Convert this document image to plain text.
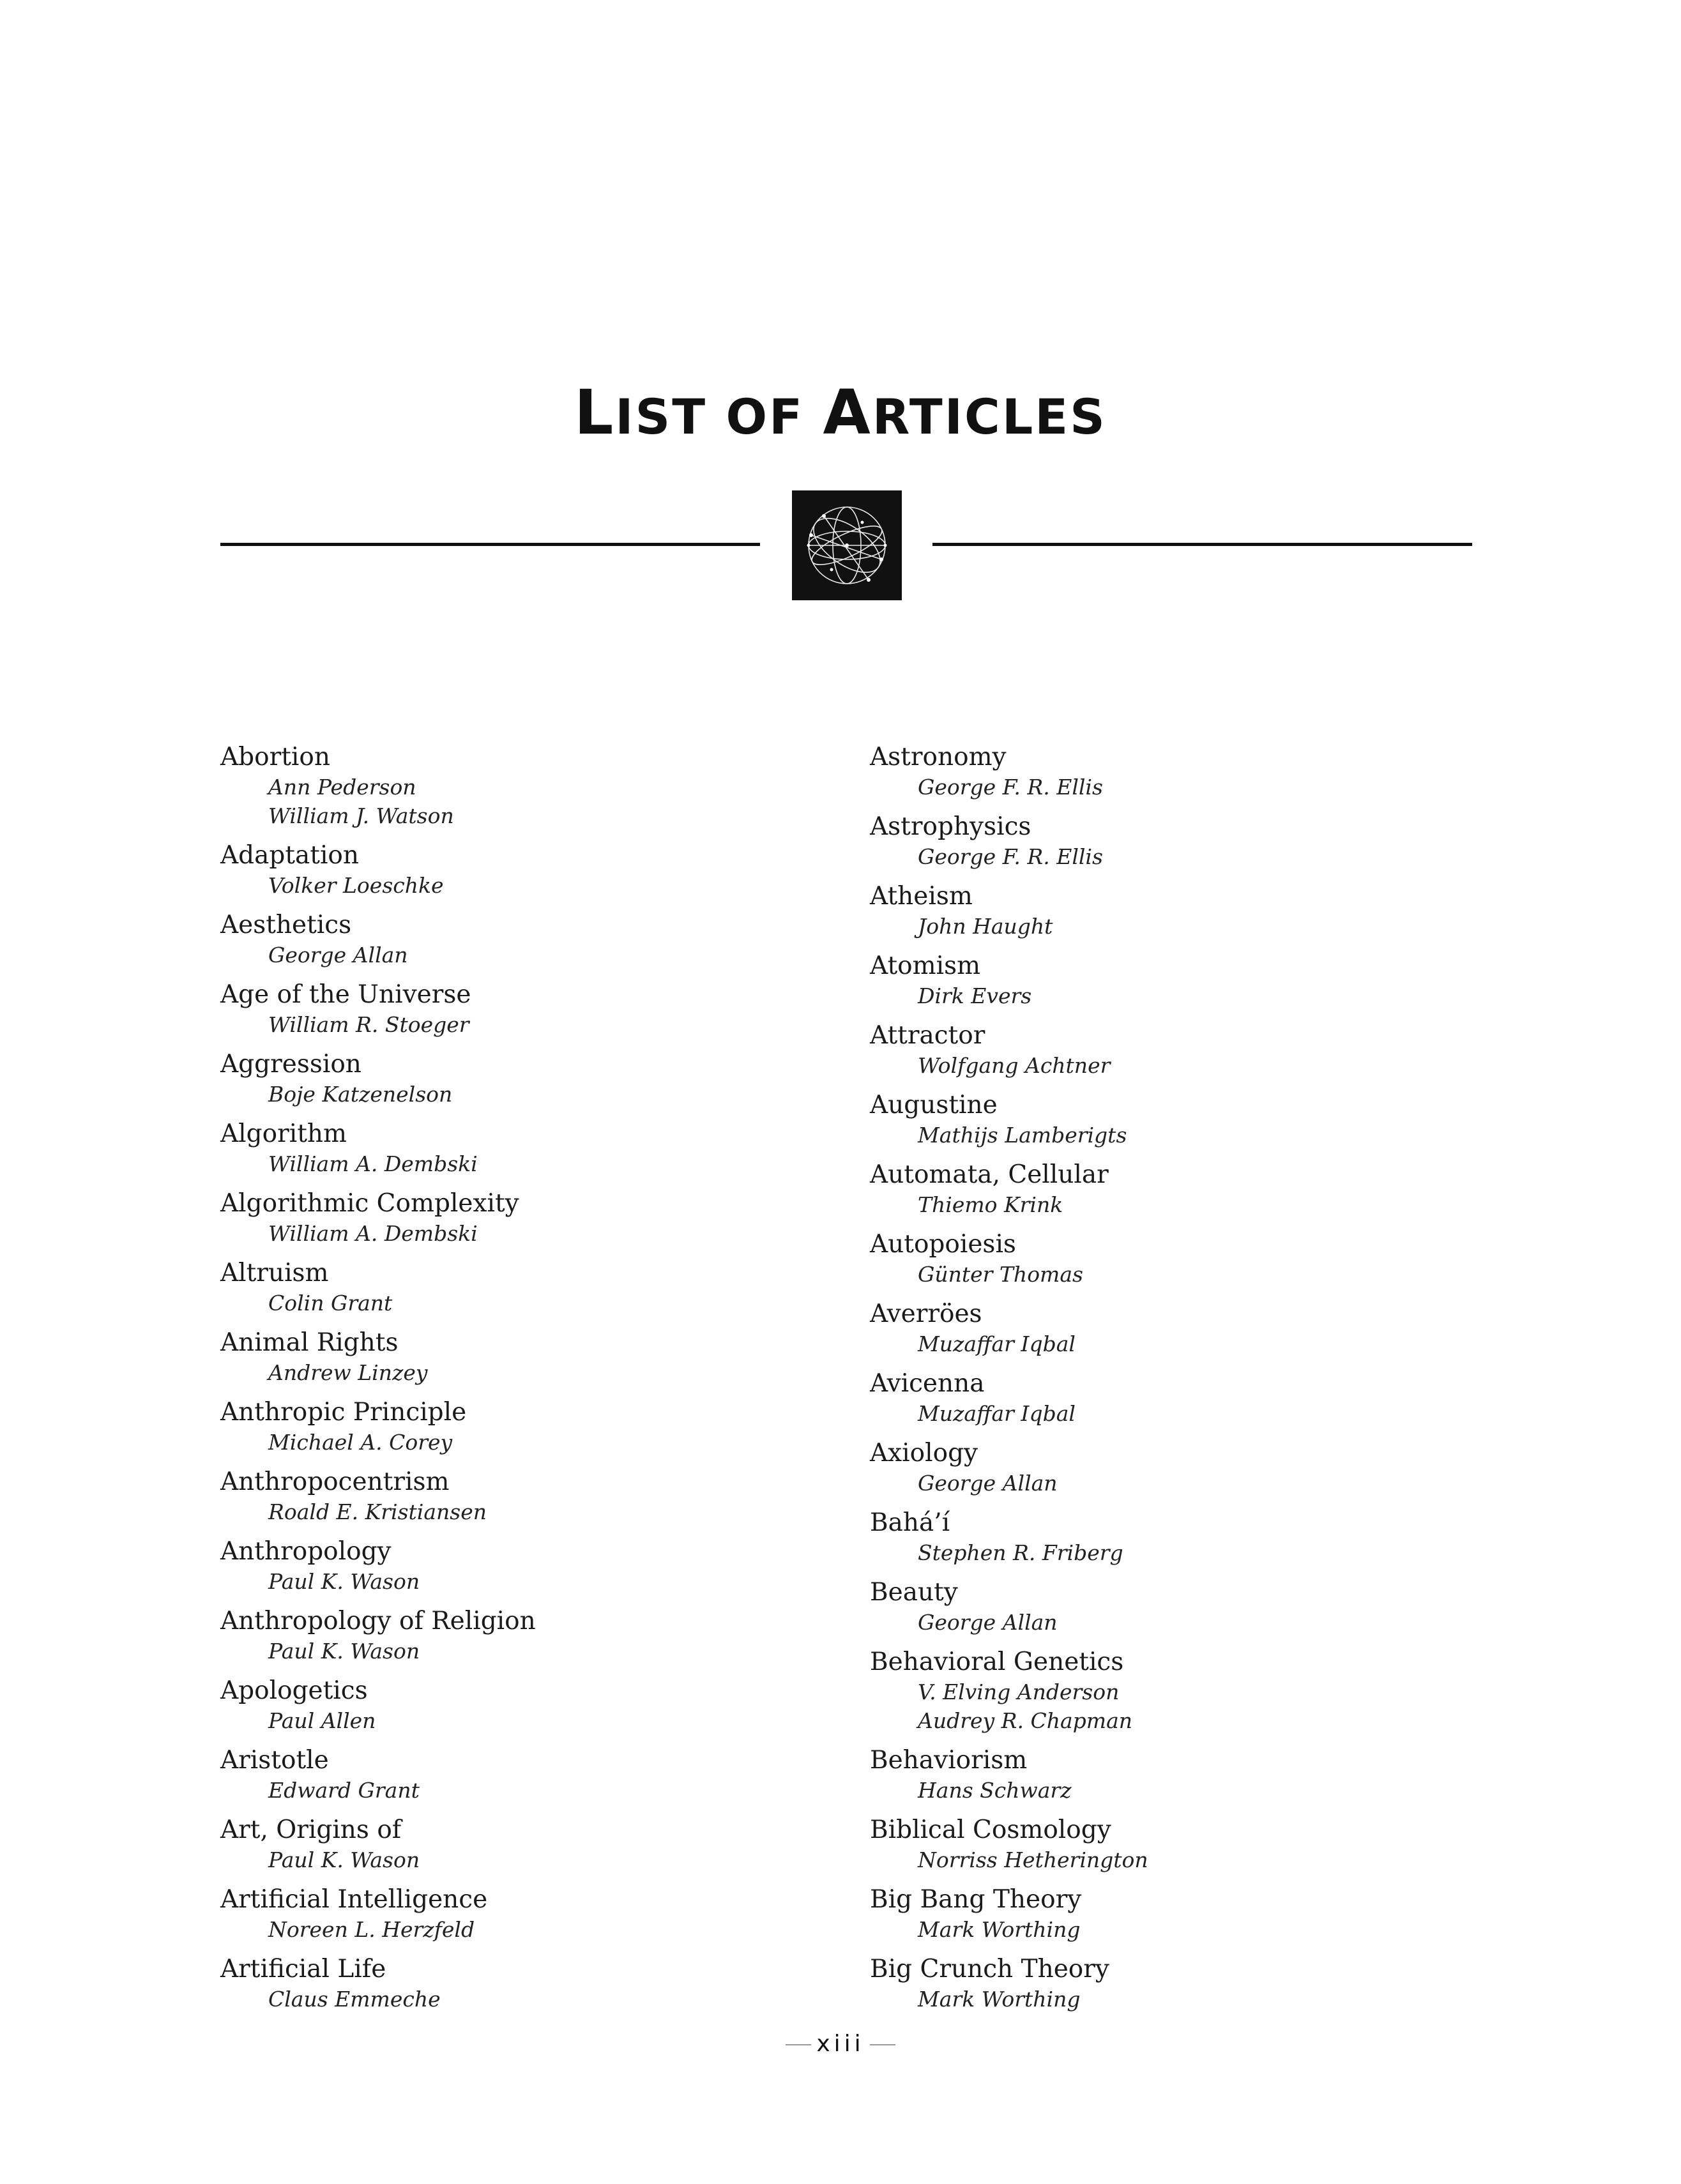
LIST OF ARTICLES
Abortion
Ann Pederson
William J. Watson
Adaptation
Volker Loeschke
Aesthetics
George Allan
Age of the Universe
William R. Stoeger
Aggression
Boje Katzenelson
Algorithm
William A. Dembski
Algorithmic Complexity
William A. Dembski
Altruism
Colin Grant
Animal Rights
Andrew Linzey
Anthropic Principle
Michael A. Corey
Anthropocentrism
Roald E. Kristiansen
Anthropology
Paul K. Wason
Anthropology of Religion
Paul K. Wason
Apologetics
Paul Allen
Aristotle
Edward Grant
Art, Origins of
Paul K. Wason
Artificial Intelligence
Noreen L. Herzfeld
Artificial Life
Claus Emmeche
Astronomy
George F. R. Ellis
Astrophysics
George F. R. Ellis
Atheism
John Haught
Atomism
Dirk Evers
Attractor
Wolfgang Achtner
Augustine
Mathijs Lamberigts
Automata, Cellular
Thiemo Krink
Autopoiesis
Günter Thomas
Averröes
Muzaffar Iqbal
Avicenna
Muzaffar Iqbal
Axiology
George Allan
Bahá’í
Stephen R. Friberg
Beauty
George Allan
Behavioral Genetics
V. Elving Anderson
Audrey R. Chapman
Behaviorism
Hans Schwarz
Biblical Cosmology
Norriss Hetherington
Big Bang Theory
Mark Worthing
Big Crunch Theory
Mark Worthing
xiii
